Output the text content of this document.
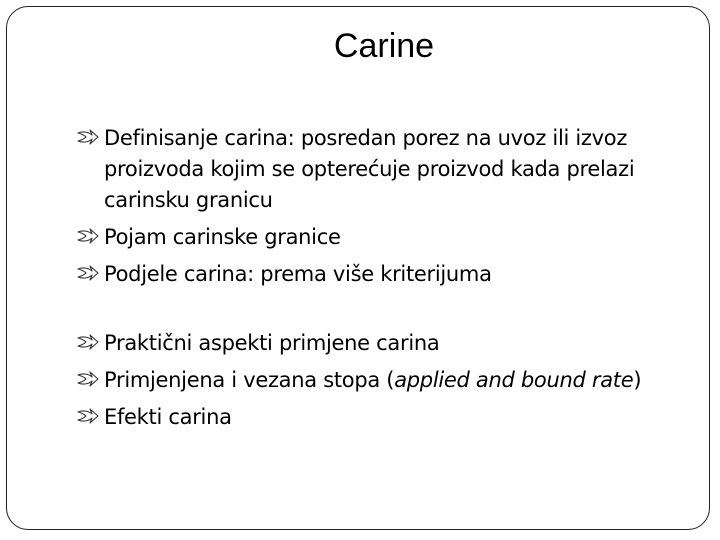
Carine
Definisanje carina: posredan porez na uvoz ili izvoz proizvoda kojim se opterećuje proizvod kada prelazi carinsku granicu
Pojam carinske granice
Podjele carina: prema više kriterijuma
Praktični aspekti primjene carina
Primjenjena i vezana stopa (applied and bound rate)
Efekti carina
